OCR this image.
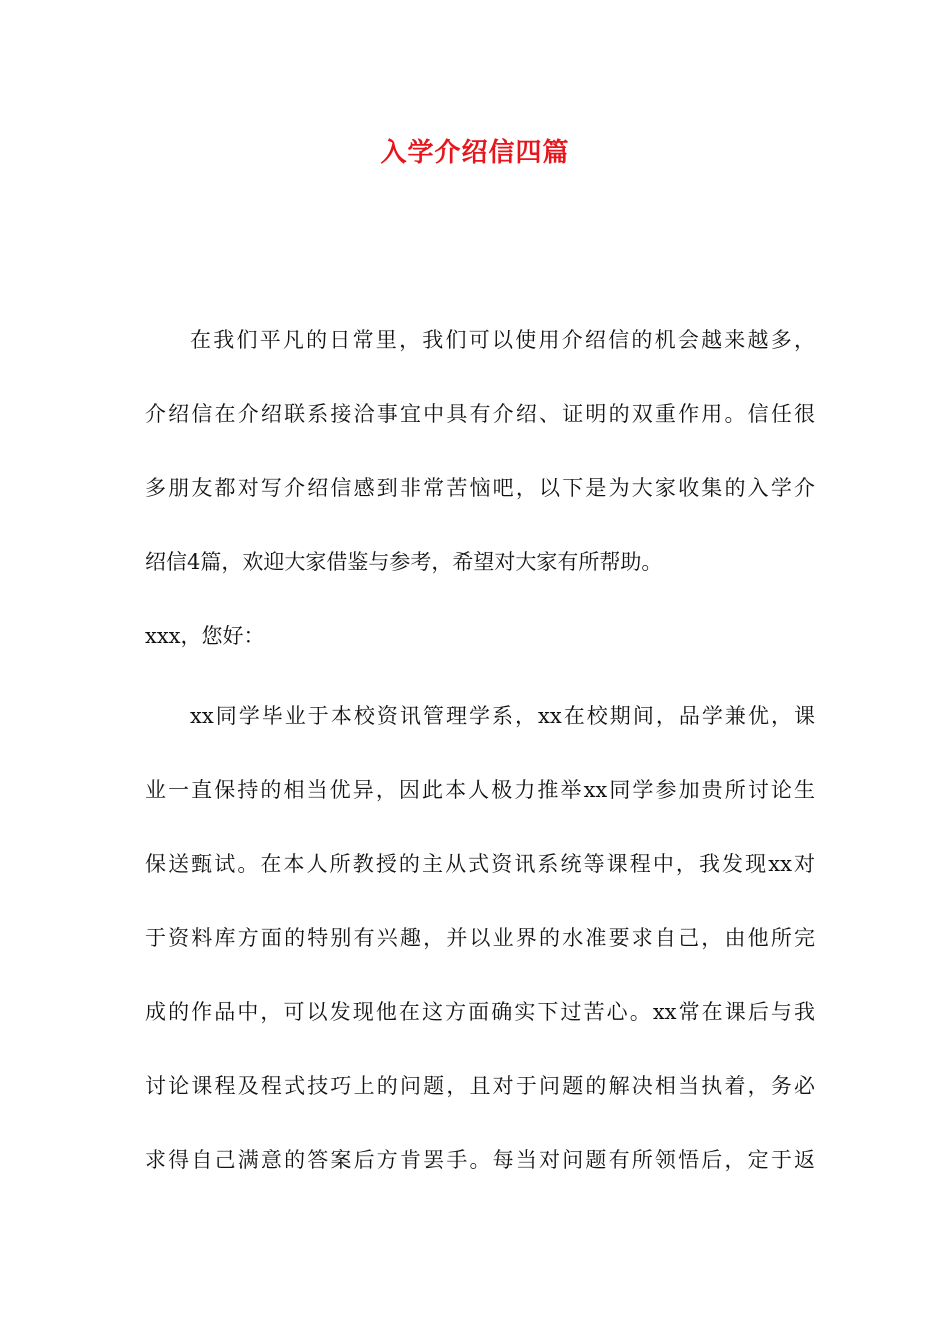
入学介绍信四篇
在我们平凡的日常里，我们可以使用介绍信的机会越来越多，
介绍信在介绍联系接洽事宜中具有介绍、证明的双重作用。信任很
多朋友都对写介绍信感到非常苦恼吧，以下是为大家收集的入学介
绍信4篇，欢迎大家借鉴与参考，希望对大家有所帮助。
xxx，您好：
xx同学毕业于本校资讯管理学系，xx在校期间，品学兼优，课
业一直保持的相当优异，因此本人极力推举xx同学参加贵所讨论生
保送甄试。在本人所教授的主从式资讯系统等课程中，我发现xx对
于资料库方面的特别有兴趣，并以业界的水准要求自己，由他所完
成的作品中，可以发现他在这方面确实下过苦心。xx常在课后与我
讨论课程及程式技巧上的问题，且对于问题的解决相当执着，务必
求得自己满意的答案后方肯罢手。每当对问题有所领悟后，定于返
